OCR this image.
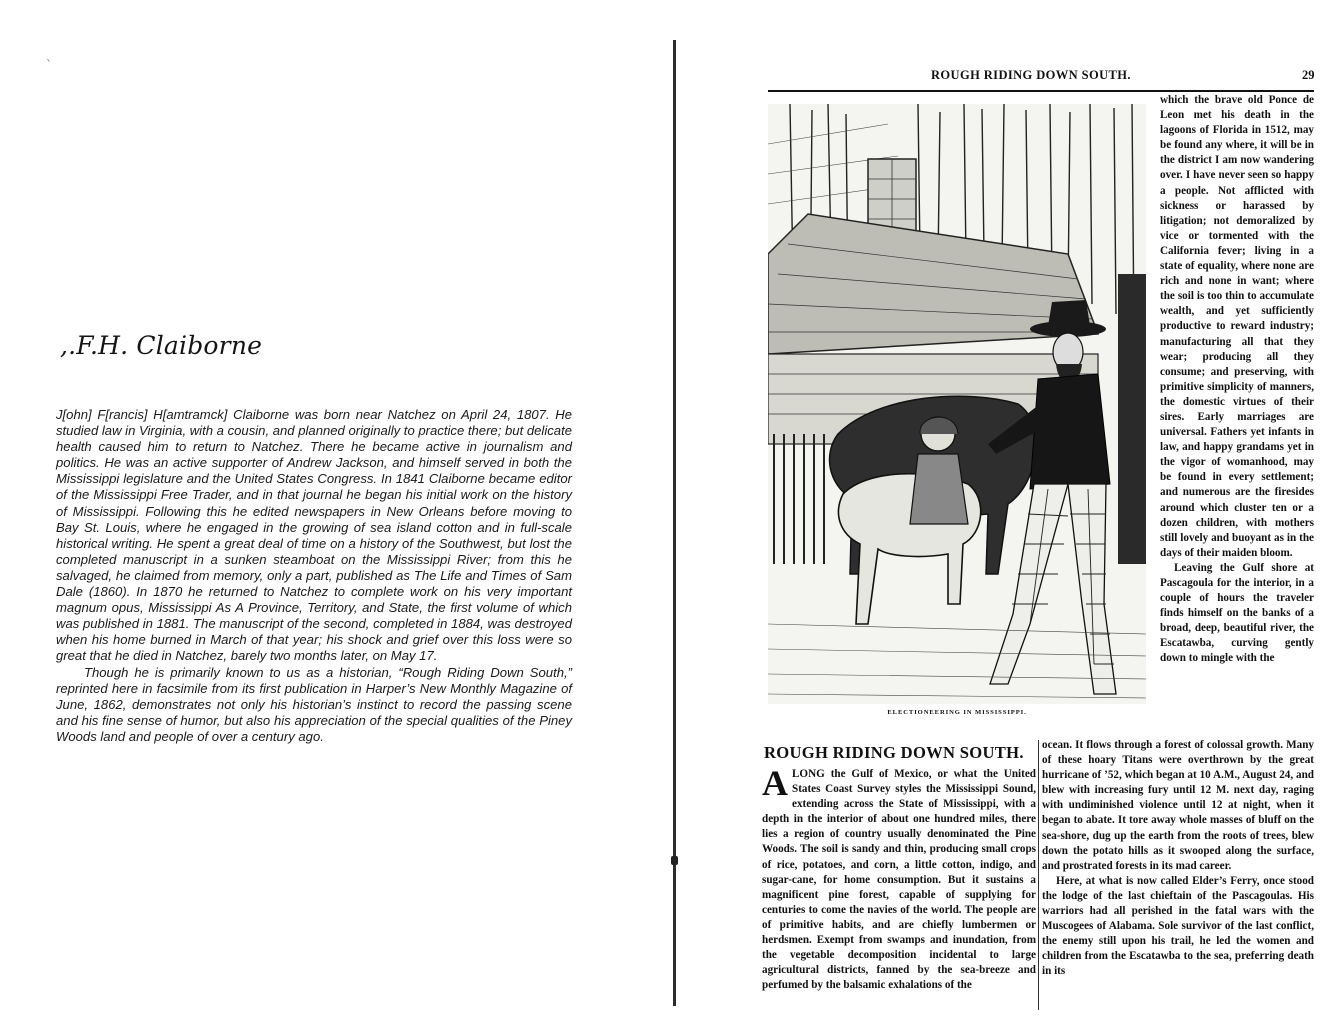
`
,.F.H. Claiborne

J[ohn] F[rancis] H[amtramck] Claiborne was born near Natchez on April 24, 1807. He studied law in Virginia, with a cousin, and planned originally to practice there; but delicate health caused him to return to Natchez. There he became active in journalism and politics. He was an active supporter of Andrew Jackson, and himself served in both the Mississippi legislature and the United States Congress. In 1841 Claiborne became editor of the Mississippi Free Trader, and in that journal he began his initial work on the history of Mississippi. Following this he edited newspapers in New Orleans before moving to Bay St. Louis, where he engaged in the growing of sea island cotton and in full-scale historical writing. He spent a great deal of time on a history of the Southwest, but lost the completed manuscript in a sunken steamboat on the Mississippi River; from this he salvaged, he claimed from memory, only a part, published as The Life and Times of Sam Dale (1860). In 1870 he returned to Natchez to complete work on his very important magnum opus, Mississippi As A Province, Territory, and State, the first volume of which was published in 1881. The manuscript of the second, completed in 1884, was destroyed when his home burned in March of that year; his shock and grief over this loss were so great that he died in Natchez, barely two months later, on May 17.

Though he is primarily known to us as a historian, “Rough Riding Down South,” reprinted here in facsimile from its first publication in Harper’s New Monthly Magazine of June, 1862, demonstrates not only his historian’s instinct to record the passing scene and his fine sense of humor, but also his appreciation of the special qualities of the Piney Woods land and people of over a century ago.

ROUGH RIDING DOWN SOUTH.	29
ELECTIONEERING IN MISSISSIPPI.

which the brave old Ponce de Leon met his death in the lagoons of Florida in 1512, may be found any where, it will be in the district I am now wandering over. I have never seen so happy a people. Not afflicted with sickness or harassed by litigation; not demoralized by vice or tormented with the California fever; living in a state of equality, where none are rich and none in want; where the soil is too thin to accumulate wealth, and yet sufficiently productive to reward industry; manufacturing all that they wear; producing all they consume; and preserving, with primitive simplicity of manners, the domestic virtues of their sires. Early marriages are universal. Fathers yet infants in law, and happy grandams yet in the vigor of womanhood, may be found in every settlement; and numerous are the firesides around which cluster ten or a dozen children, with mothers still lovely and buoyant as in the days of their maiden bloom.

Leaving the Gulf shore at Pascagoula for the interior, in a couple of hours the traveler finds himself on the banks of a broad, deep, beautiful river, the Escatawba, curving gently down to mingle with the

ROUGH RIDING DOWN SOUTH.
A LONG the Gulf of Mexico, or what the United States Coast Survey styles the Mississippi Sound, extending across the State of Mississippi, with a depth in the interior of about one hundred miles, there lies a region of country usually denominated the Pine Woods. The soil is sandy and thin, producing small crops of rice, potatoes, and corn, a little cotton, indigo, and sugar-cane, for home consumption. But it sustains a magnificent pine forest, capable of supplying for centuries to come the navies of the world. The people are of primitive habits, and are chiefly lumbermen or herdsmen. Exempt from swamps and inundation, from the vegetable decomposition incidental to large agricultural districts, fanned by the sea-breeze and perfumed by the balsamic exhalations of the

ocean. It flows through a forest of colossal growth. Many of these hoary Titans were overthrown by the great hurricane of ’52, which began at 10 A.M., August 24, and blew with increasing fury until 12 M. next day, raging with undiminished violence until 12 at night, when it began to abate. It tore away whole masses of bluff on the sea-shore, dug up the earth from the roots of trees, blew down the potato hills as it swooped along the surface, and prostrated forests in its mad career.

Here, at what is now called Elder’s Ferry, once stood the lodge of the last chieftain of the Pascagoulas. His warriors had all perished in the fatal wars with the Muscogees of Alabama. Sole survivor of the last conflict, the enemy still upon his trail, he led the women and children from the Escatawba to the sea, preferring death in its
